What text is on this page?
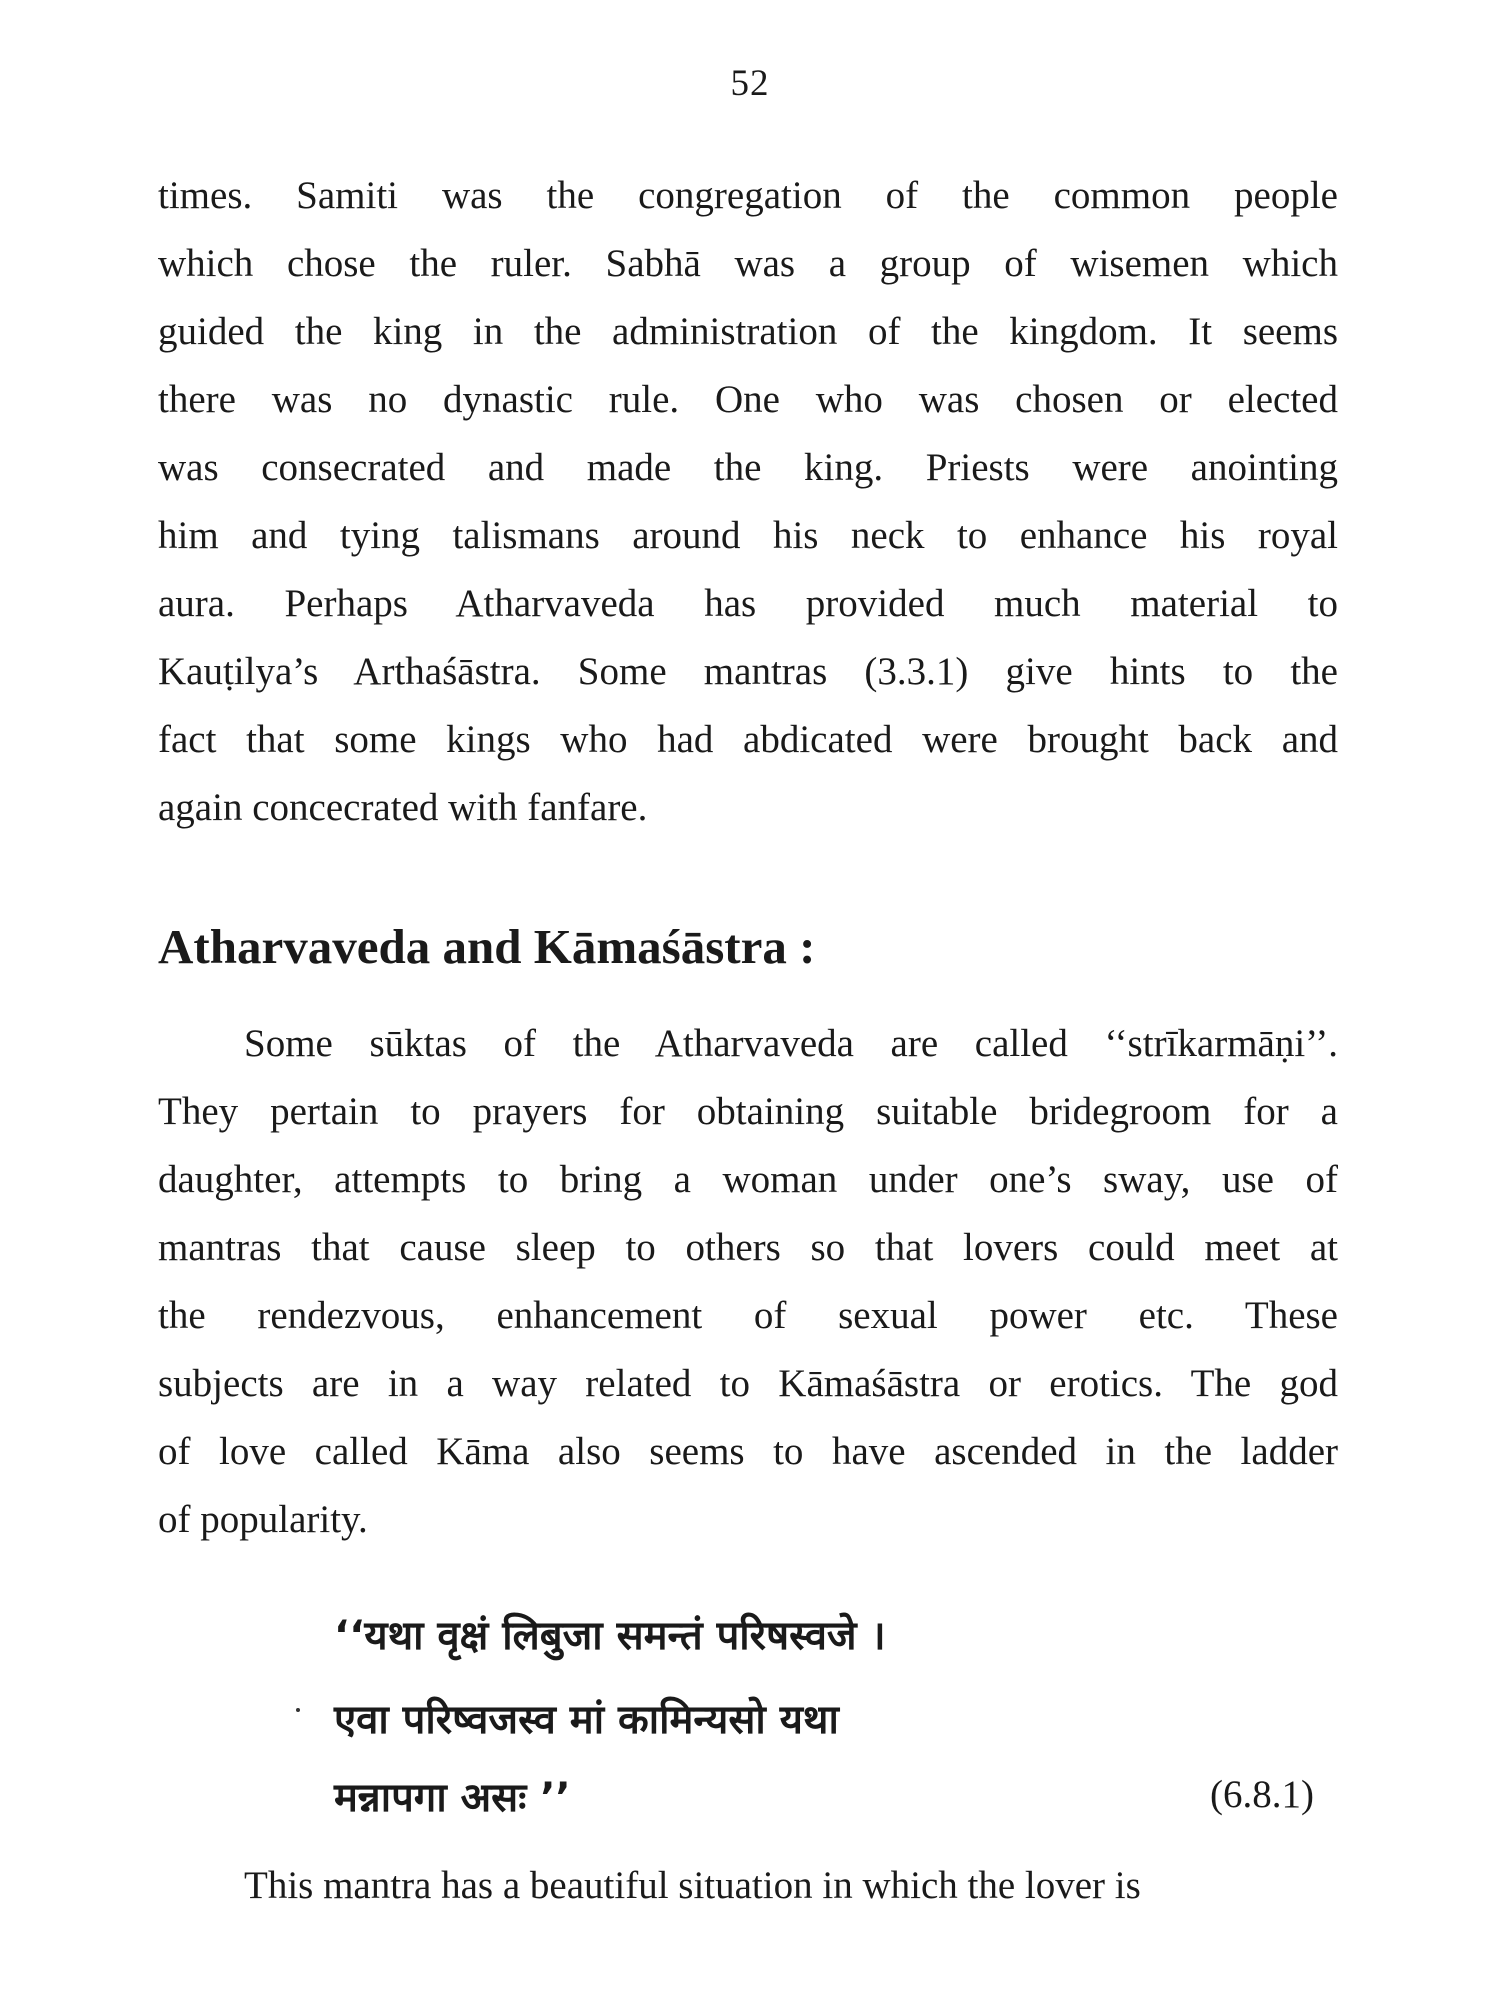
52
times. Samiti was the congregation of the common people
which chose the ruler. Sabhā was a group of wisemen which
guided the king in the administration of the kingdom. It seems
there was no dynastic rule. One who was chosen or elected
was consecrated and made the king. Priests were anointing
him and tying talismans around his neck to enhance his royal
aura. Perhaps Atharvaveda has provided much material to
Kauṭilya’s Arthaśāstra. Some mantras (3.3.1) give hints to the
fact that some kings who had abdicated were brought back and
again concecrated with fanfare.
Atharvaveda and Kāmaśāstra :
Some sūktas of the Atharvaveda are called ‘‘strīkarmāṇi’’.
They pertain to prayers for obtaining suitable bridegroom for a
daughter, attempts to bring a woman under one’s sway, use of
mantras that cause sleep to others so that lovers could meet at
the rendezvous, enhancement of sexual power etc. These
subjects are in a way related to Kāmaśāstra or erotics. The god
of love called Kāma also seems to have ascended in the ladder
of popularity.
‘‘यथा वृक्षं लिबुजा समन्तं परिषस्वजे ।
एवा परिष्वजस्व मां कामिन्यसो यथा
मन्नापगा असः ’’	(6.8.1)
This mantra has a beautiful situation in which the lover is
